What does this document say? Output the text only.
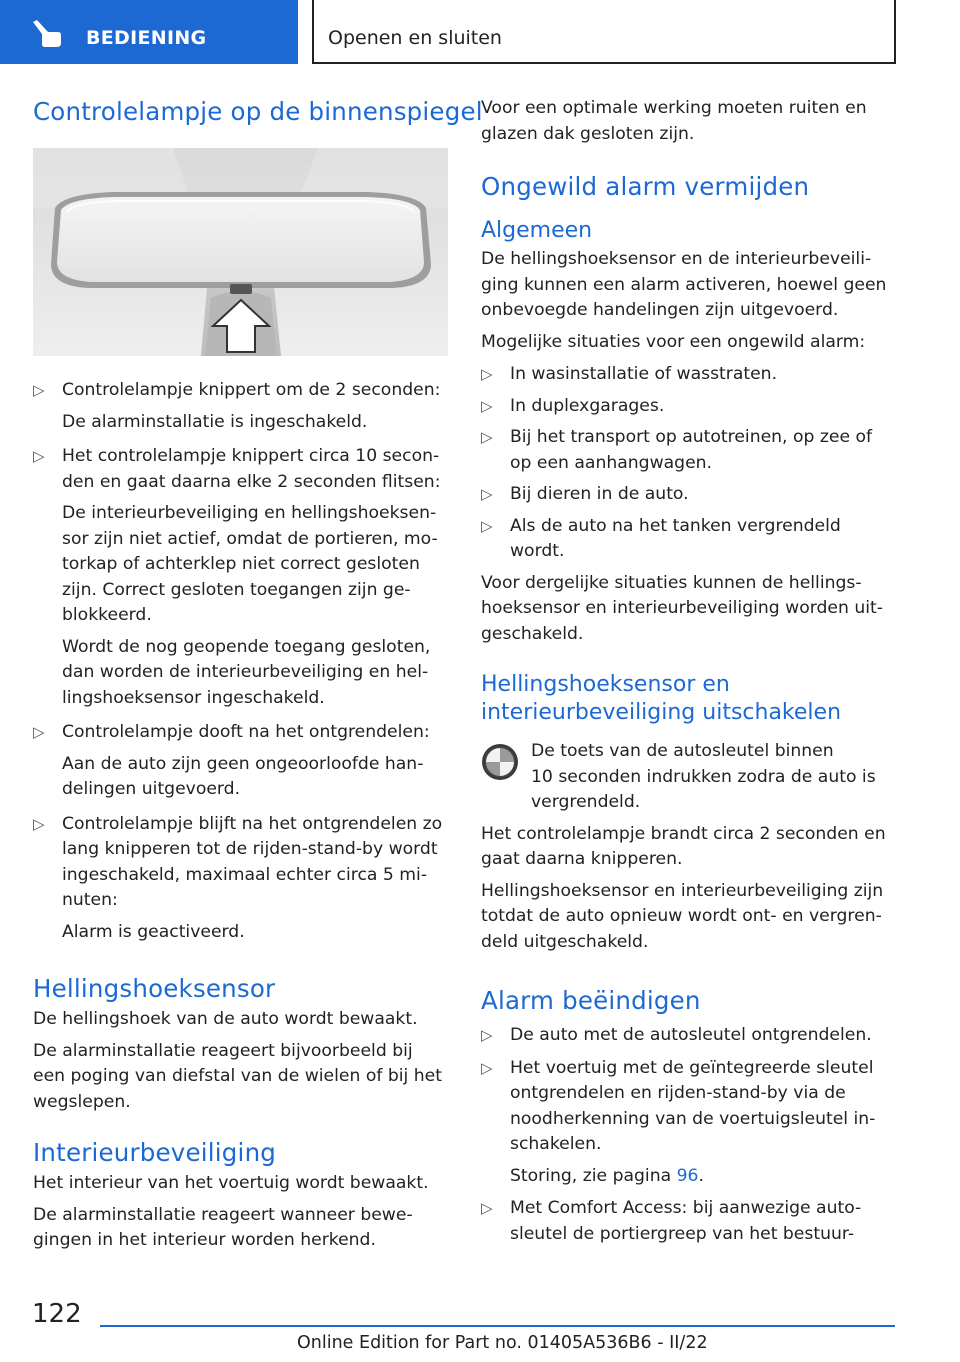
BEDIENING	Openen en sluiten
Controlelampje op de binnenspiegel
▷ Controlelampje knippert om de 2 seconden:
De alarminstallatie is ingeschakeld.
▷ Het controlelampje knippert circa 10 secon-
den en gaat daarna elke 2 seconden flitsen:
De interieurbeveiliging en hellingshoeksen-
sor zijn niet actief, omdat de portieren, mo-
torkap of achterklep niet correct gesloten
zijn. Correct gesloten toegangen zijn ge-
blokkeerd.
Wordt de nog geopende toegang gesloten,
dan worden de interieurbeveiliging en hel-
lingshoeksensor ingeschakeld.
▷ Controlelampje dooft na het ontgrendelen:
Aan de auto zijn geen ongeoorloofde han-
delingen uitgevoerd.
▷ Controlelampje blijft na het ontgrendelen zo
lang knipperen tot de rijden-stand-by wordt
ingeschakeld, maximaal echter circa 5 mi-
nuten:
Alarm is geactiveerd.
Hellingshoeksensor

De hellingshoek van de auto wordt bewaakt.

De alarminstallatie reageert bijvoorbeeld bij
een poging van diefstal van de wielen of bij het
wegslepen.

Interieurbeveiliging

Het interieur van het voertuig wordt bewaakt.

De alarminstallatie reageert wanneer bewe-
gingen in het interieur worden herkend.

Voor een optimale werking moeten ruiten en
glazen dak gesloten zijn.

Ongewild alarm vermijden
Algemeen

De hellingshoeksensor en de interieurbeveili-
ging kunnen een alarm activeren, hoewel geen
onbevoegde handelingen zijn uitgevoerd.

Mogelijke situaties voor een ongewild alarm:

▷ In wasinstallatie of wasstraten.
▷ In duplexgarages.
▷ Bij het transport op autotreinen, op zee of
op een aanhangwagen.
▷ Bij dieren in de auto.
▷ Als de auto na het tanken vergrendeld
wordt.

Voor dergelijke situaties kunnen de hellings-
hoeksensor en interieurbeveiliging worden uit-
geschakeld.

Hellingshoeksensor en
interieurbeveiliging uitschakelen

De toets van de autosleutel binnen
10 seconden indrukken zodra de auto is
vergrendeld.

Het controlelampje brandt circa 2 seconden en
gaat daarna knipperen.

Hellingshoeksensor en interieurbeveiliging zijn
totdat de auto opnieuw wordt ont- en vergren-
deld uitgeschakeld.

Alarm beëindigen
▷ De auto met de autosleutel ontgrendelen.
▷ Het voertuig met de geïntegreerde sleutel
ontgrendelen en rijden-stand-by via de
noodherkenning van de voertuigsleutel in-
schakelen.
Storing, zie pagina 96.
▷ Met Comfort Access: bij aanwezige auto-
sleutel de portiergreep van het bestuur-
122
Online Edition for Part no. 01405A536B6 - II/22
